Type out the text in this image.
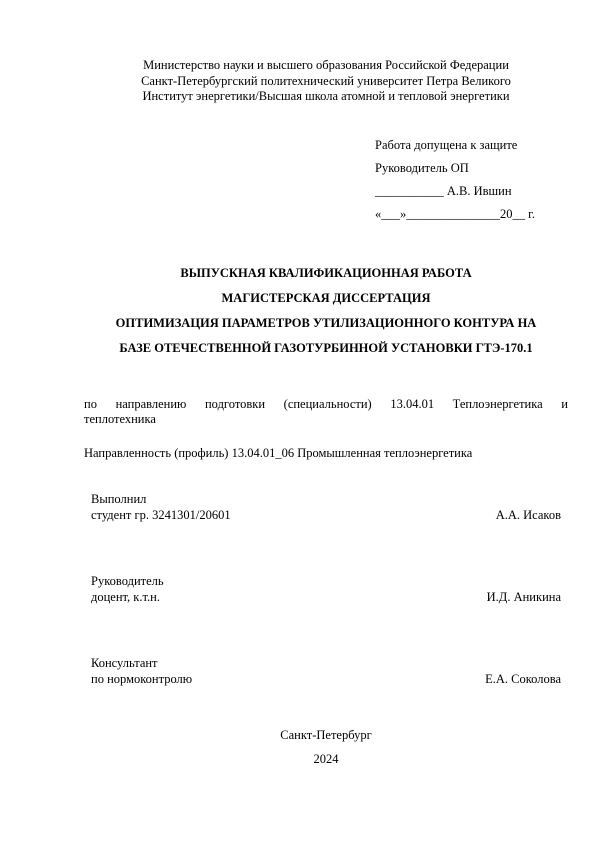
Министерство науки и высшего образования Российской Федерации
Санкт-Петербургский политехнический университет Петра Великого
Институт энергетики/Высшая школа атомной и тепловой энергетики
Работа допущена к защите
Руководитель ОП
___________ А.В. Ившин
«___»_______________20__ г.
ВЫПУСКНАЯ КВАЛИФИКАЦИОННАЯ РАБОТА
МАГИСТЕРСКАЯ ДИССЕРТАЦИЯ
ОПТИМИЗАЦИЯ ПАРАМЕТРОВ УТИЛИЗАЦИОННОГО КОНТУРА НА
БАЗЕ ОТЕЧЕСТВЕННОЙ ГАЗОТУРБИННОЙ УСТАНОВКИ ГТЭ-170.1
по направлению подготовки (специальности) 13.04.01 Теплоэнергетика и
теплотехника
Направленность (профиль) 13.04.01_06 Промышленная теплоэнергетика
Выполнил
студент гр. 3241301/20601	А.А. Исаков
Руководитель
доцент, к.т.н.	И.Д. Аникина
Консультант
по нормоконтролю	Е.А. Соколова
Санкт-Петербург
2024
